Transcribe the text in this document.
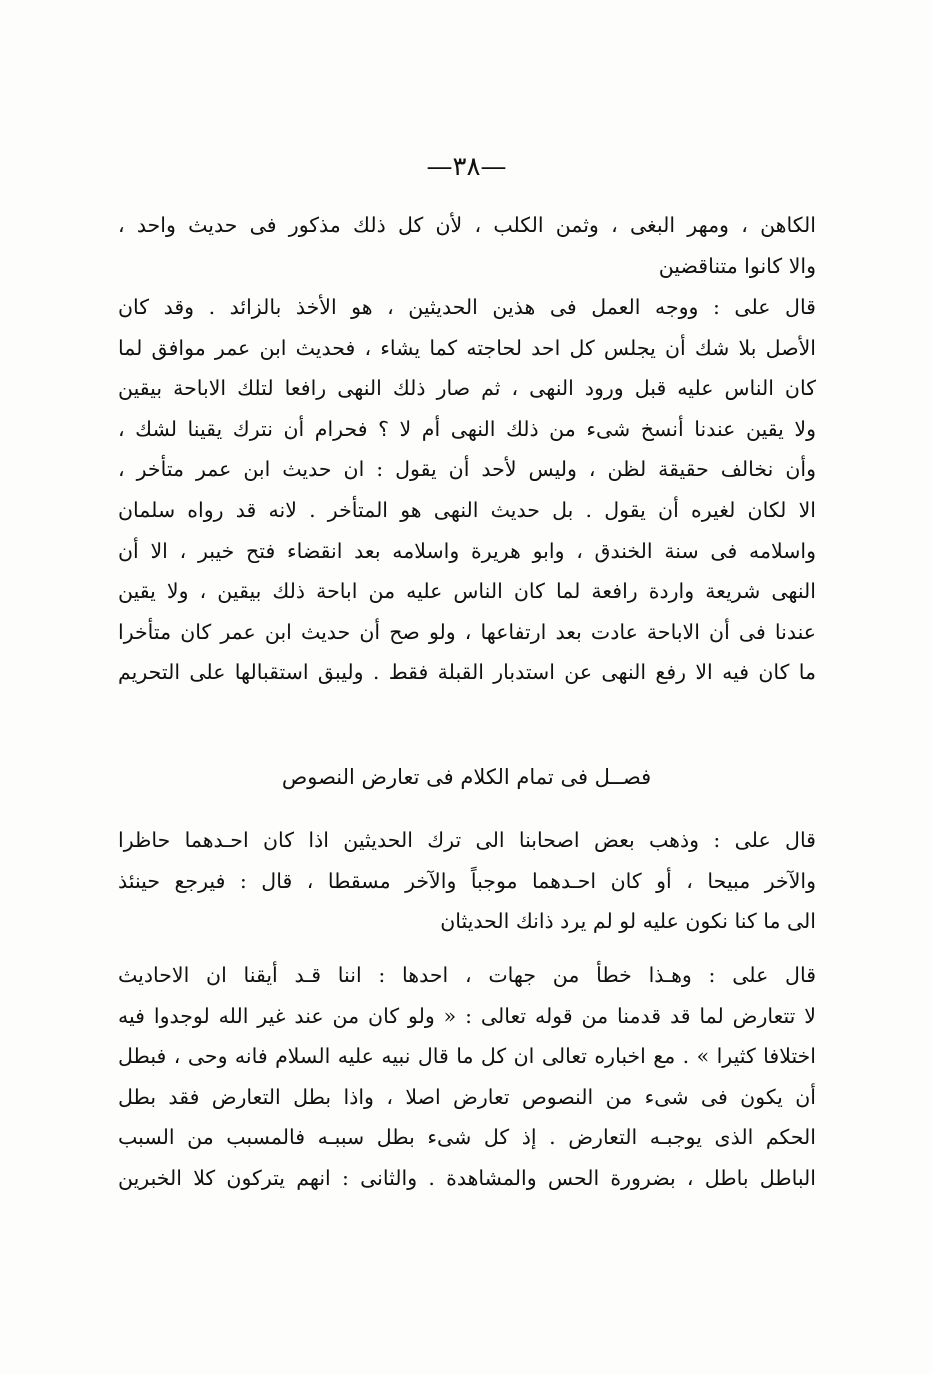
—٣٨—
الكاهن ، ومهر البغى ، وثمن الكلب ، لأن كل ذلك مذكور فى حديث واحد ،
والا كانوا متناقضين
قال على : ووجه العمل فى هذين الحديثين ، هو الأخذ بالزائد . وقد كان
الأصل بلا شك أن يجلس كل احد لحاجته كما يشاء ، فحديث ابن عمر موافق لما
كان الناس عليه قبل ورود النهى ، ثم صار ذلك النهى رافعا لتلك الاباحة بيقين
ولا يقين عندنا أنسخ شىء من ذلك النهى أم لا ؟ فحرام أن نترك يقينا لشك ،
وأن نخالف حقيقة لظن ، وليس لأحد أن يقول : ان حديث ابن عمر متأخر ،
الا لكان لغيره أن يقول . بل حديث النهى هو المتأخر . لانه قد رواه سلمان
واسلامه فى سنة الخندق ، وابو هريرة واسلامه بعد انقضاء فتح خيبر ، الا أن
النهى شريعة واردة رافعة لما كان الناس عليه من اباحة ذلك بيقين ، ولا يقين
عندنا فى أن الاباحة عادت بعد ارتفاعها ، ولو صح أن حديث ابن عمر كان متأخرا
ما كان فيه الا رفع النهى عن استدبار القبلة فقط . وليبق استقبالها على التحريم
فصــل فى تمام الكلام فى تعارض النصوص
قال على : وذهب بعض اصحابنا الى ترك الحديثين اذا كان احـدهما حاظرا
والآخر مبيحا ، أو كان احـدهما موجباً والآخر مسقطا ، قال : فيرجع حينئذ
الى ما كنا نكون عليه لو لم يرد ذانك الحديثان
قال على : وهـذا خطأ من جهات ، احدها : اننا قـد أيقنا ان الاحاديث
لا تتعارض لما قد قدمنا من قوله تعالى : « ولو كان من عند غير الله لوجدوا فيه
اختلافا كثيرا » . مع اخباره تعالى ان كل ما قال نبيه عليه السلام فانه وحى ، فبطل
أن يكون فى شىء من النصوص تعارض اصلا ، واذا بطل التعارض فقد بطل
الحكم الذى يوجبـه التعارض . إذ كل شىء بطل سببـه فالمسبب من السبب
الباطل باطل ، بضرورة الحس والمشاهدة . والثانى : انهم يتركون كلا الخبرين
